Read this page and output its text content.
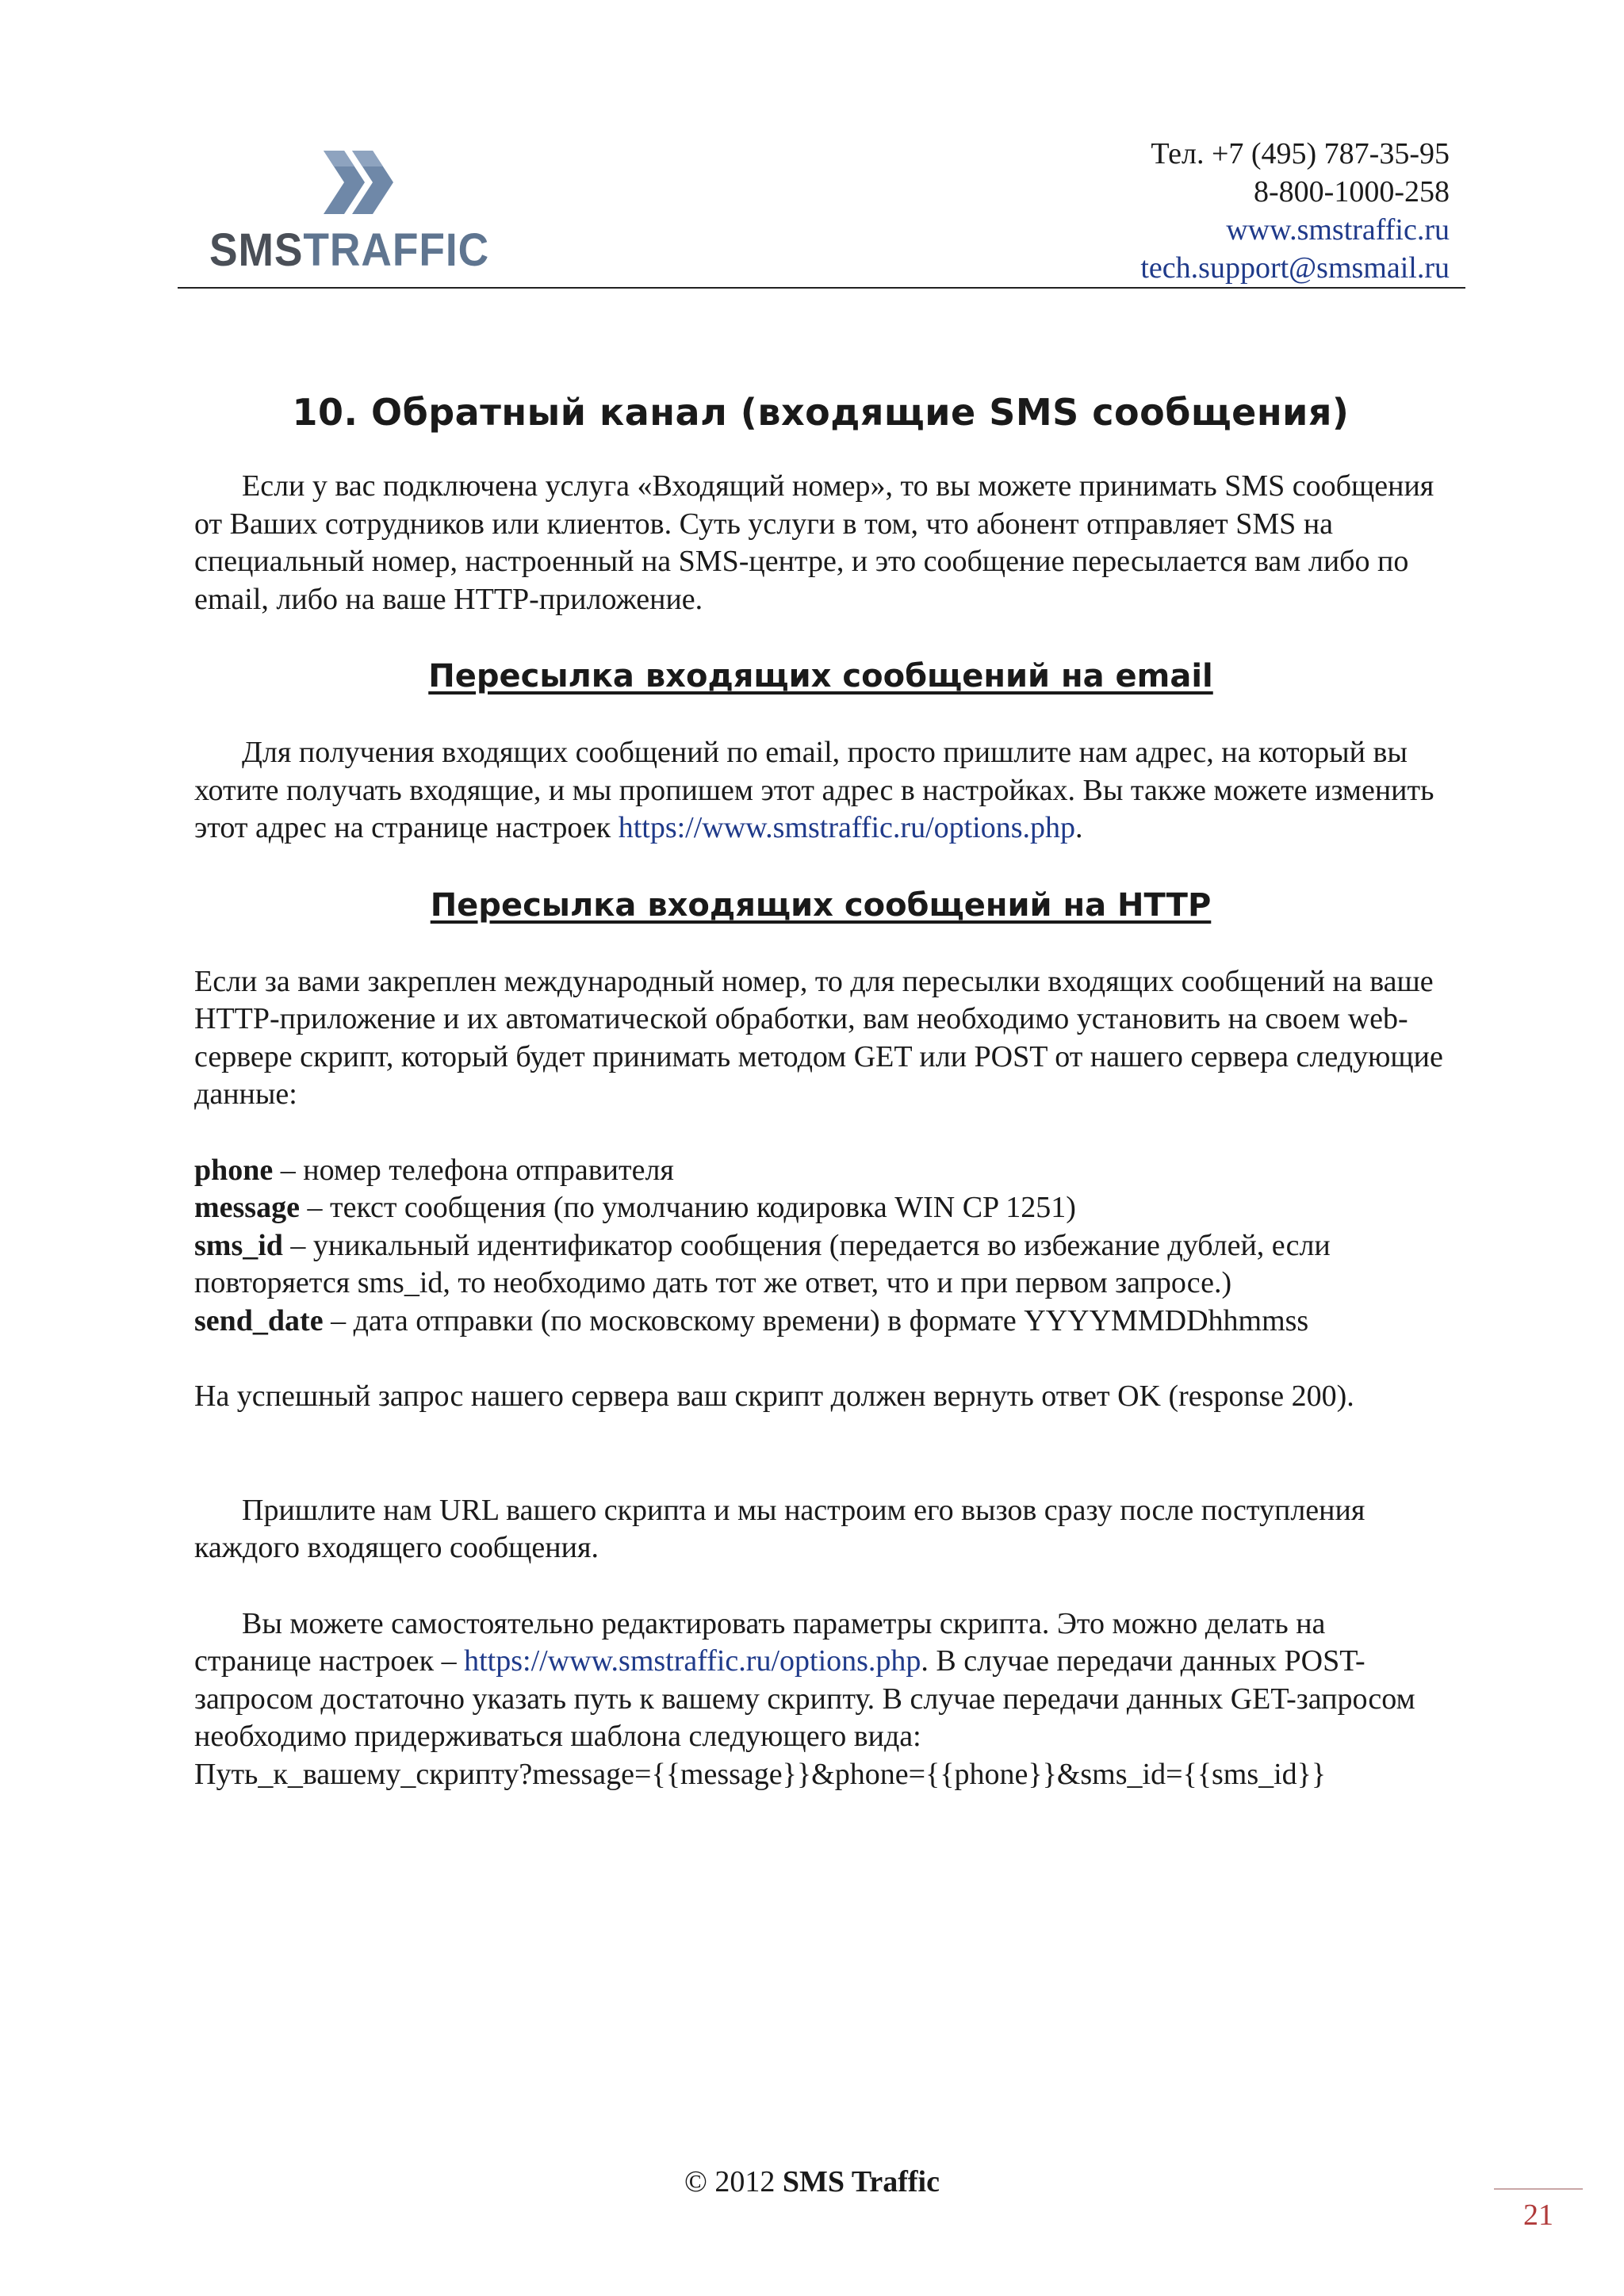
SMSTRAFFIC
Тел. +7 (495) 787-35-95
8-800-1000-258
www.smstraffic.ru
tech.support@smsmail.ru
10. Обратный канал (входящие SMS сообщения)

Если у вас подключена услуга «Входящий номер», то вы можете принимать SMS сообщения от Ваших сотрудников или клиентов. Суть услуги в том, что абонент отправляет SMS на специальный номер, настроенный на SMS-центре, и это сообщение пересылается вам либо по email, либо на ваше HTTP-приложение.

Пересылка входящих сообщений на email

Для получения входящих сообщений по email, просто пришлите нам адрес, на который вы хотите получать входящие, и мы пропишем этот адрес в настройках. Вы также можете изменить этот адрес на странице настроек https://www.smstraffic.ru/options.php.

Пересылка входящих сообщений на HTTP

Если за вами закреплен международный номер, то для пересылки входящих сообщений на ваше HTTP-приложение и их автоматической обработки, вам необходимо установить на своем web-сервере скрипт, который будет принимать методом GET или POST от нашего сервера следующие данные:

phone – номер телефона отправителя

message – текст сообщения (по умолчанию кодировка WIN CP 1251)

sms_id – уникальный идентификатор сообщения (передается во избежание дублей, если повторяется sms_id, то необходимо дать тот же ответ, что и при первом запросе.)

send_date – дата отправки (по московскому времени) в формате YYYYMMDDhhmmss

На успешный запрос нашего сервера ваш скрипт должен вернуть ответ OK (response 200).

Пришлите нам URL вашего скрипта и мы настроим его вызов сразу после поступления каждого входящего сообщения.

Вы можете самостоятельно редактировать параметры скрипта. Это можно делать на странице настроек – https://www.smstraffic.ru/options.php. В случае передачи данных POST-запросом достаточно указать путь к вашему скрипту. В случае передачи данных GET-запросом необходимо придерживаться шаблона следующего вида:

Путь_к_вашему_скрипту?message={{message}}&phone={{phone}}&sms_id={{sms_id}}

© 2012 SMS Traffic
21
